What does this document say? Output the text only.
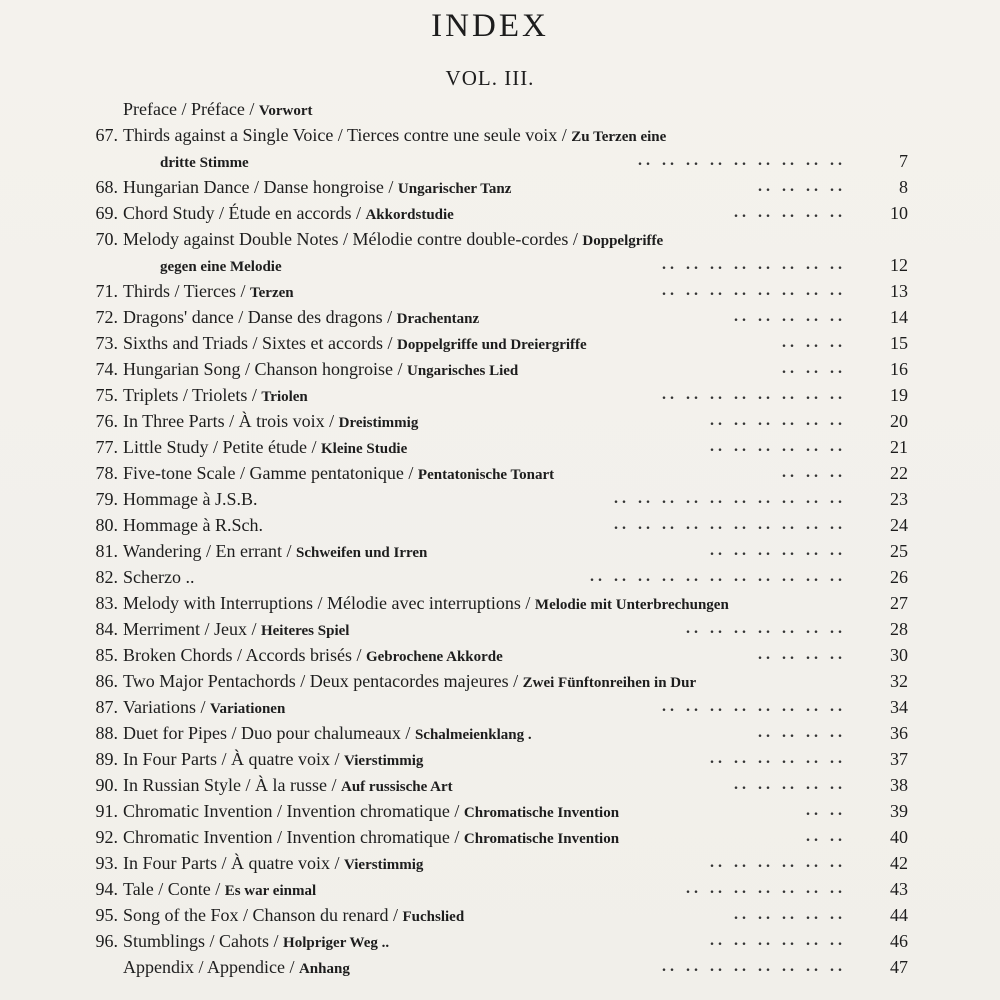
INDEX
VOL. III.
Preface / Préface / Vorwort
67. Thirds against a Single Voice / Tierces contre une seule voix / Zu Terzen eine
dritte Stimme	.. .. .. .. .. .. .. .. ..	7
68. Hungarian Dance / Danse hongroise / Ungarischer Tanz	.. .. .. ..	8
69. Chord Study / Étude en accords / Akkordstudie	.. .. .. .. ..	10
70. Melody against Double Notes / Mélodie contre double-cordes / Doppelgriffe
gegen eine Melodie	.. .. .. .. .. .. .. ..	12
71. Thirds / Tierces / Terzen	.. .. .. .. .. .. .. ..	13
72. Dragons' dance / Danse des dragons / Drachentanz	.. .. .. .. ..	14
73. Sixths and Triads / Sixtes et accords / Doppelgriffe und Dreiergriffe	.. .. ..	15
74. Hungarian Song / Chanson hongroise / Ungarisches Lied	.. .. ..	16
75. Triplets / Triolets / Triolen	.. .. .. .. .. .. .. ..	19
76. In Three Parts / À trois voix / Dreistimmig	.. .. .. .. .. ..	20
77. Little Study / Petite étude / Kleine Studie	.. .. .. .. .. ..	21
78. Five-tone Scale / Gamme pentatonique / Pentatonische Tonart	.. .. ..	22
79. Hommage à J.S.B.	.. .. .. .. .. .. .. .. .. ..	23
80. Hommage à R.Sch.	.. .. .. .. .. .. .. .. .. ..	24
81. Wandering / En errant / Schweifen und Irren	.. .. .. .. .. ..	25
82. Scherzo ..	.. .. .. .. .. .. .. .. .. .. ..	26
83. Melody with Interruptions / Mélodie avec interruptions / Melodie mit Unterbrechungen	27
84. Merriment / Jeux / Heiteres Spiel	.. .. .. .. .. .. ..	28
85. Broken Chords / Accords brisés / Gebrochene Akkorde	.. .. .. ..	30
86. Two Major Pentachords / Deux pentacordes majeures / Zwei Fünftonreihen in Dur	32
87. Variations / Variationen	.. .. .. .. .. .. .. ..	34
88. Duet for Pipes / Duo pour chalumeaux / Schalmeienklang .	.. .. .. ..	36
89. In Four Parts / À quatre voix / Vierstimmig	.. .. .. .. .. ..	37
90. In Russian Style / À la russe / Auf russische Art	.. .. .. .. ..	38
91. Chromatic Invention / Invention chromatique / Chromatische Invention	.. ..	39
92. Chromatic Invention / Invention chromatique / Chromatische Invention	.. ..	40
93. In Four Parts / À quatre voix / Vierstimmig	.. .. .. .. .. ..	42
94. Tale / Conte / Es war einmal	.. .. .. .. .. .. ..	43
95. Song of the Fox / Chanson du renard / Fuchslied	.. .. .. .. ..	44
96. Stumblings / Cahots / Holpriger Weg ..	.. .. .. .. .. ..	46
Appendix / Appendice / Anhang	.. .. .. .. .. .. .. ..	47
